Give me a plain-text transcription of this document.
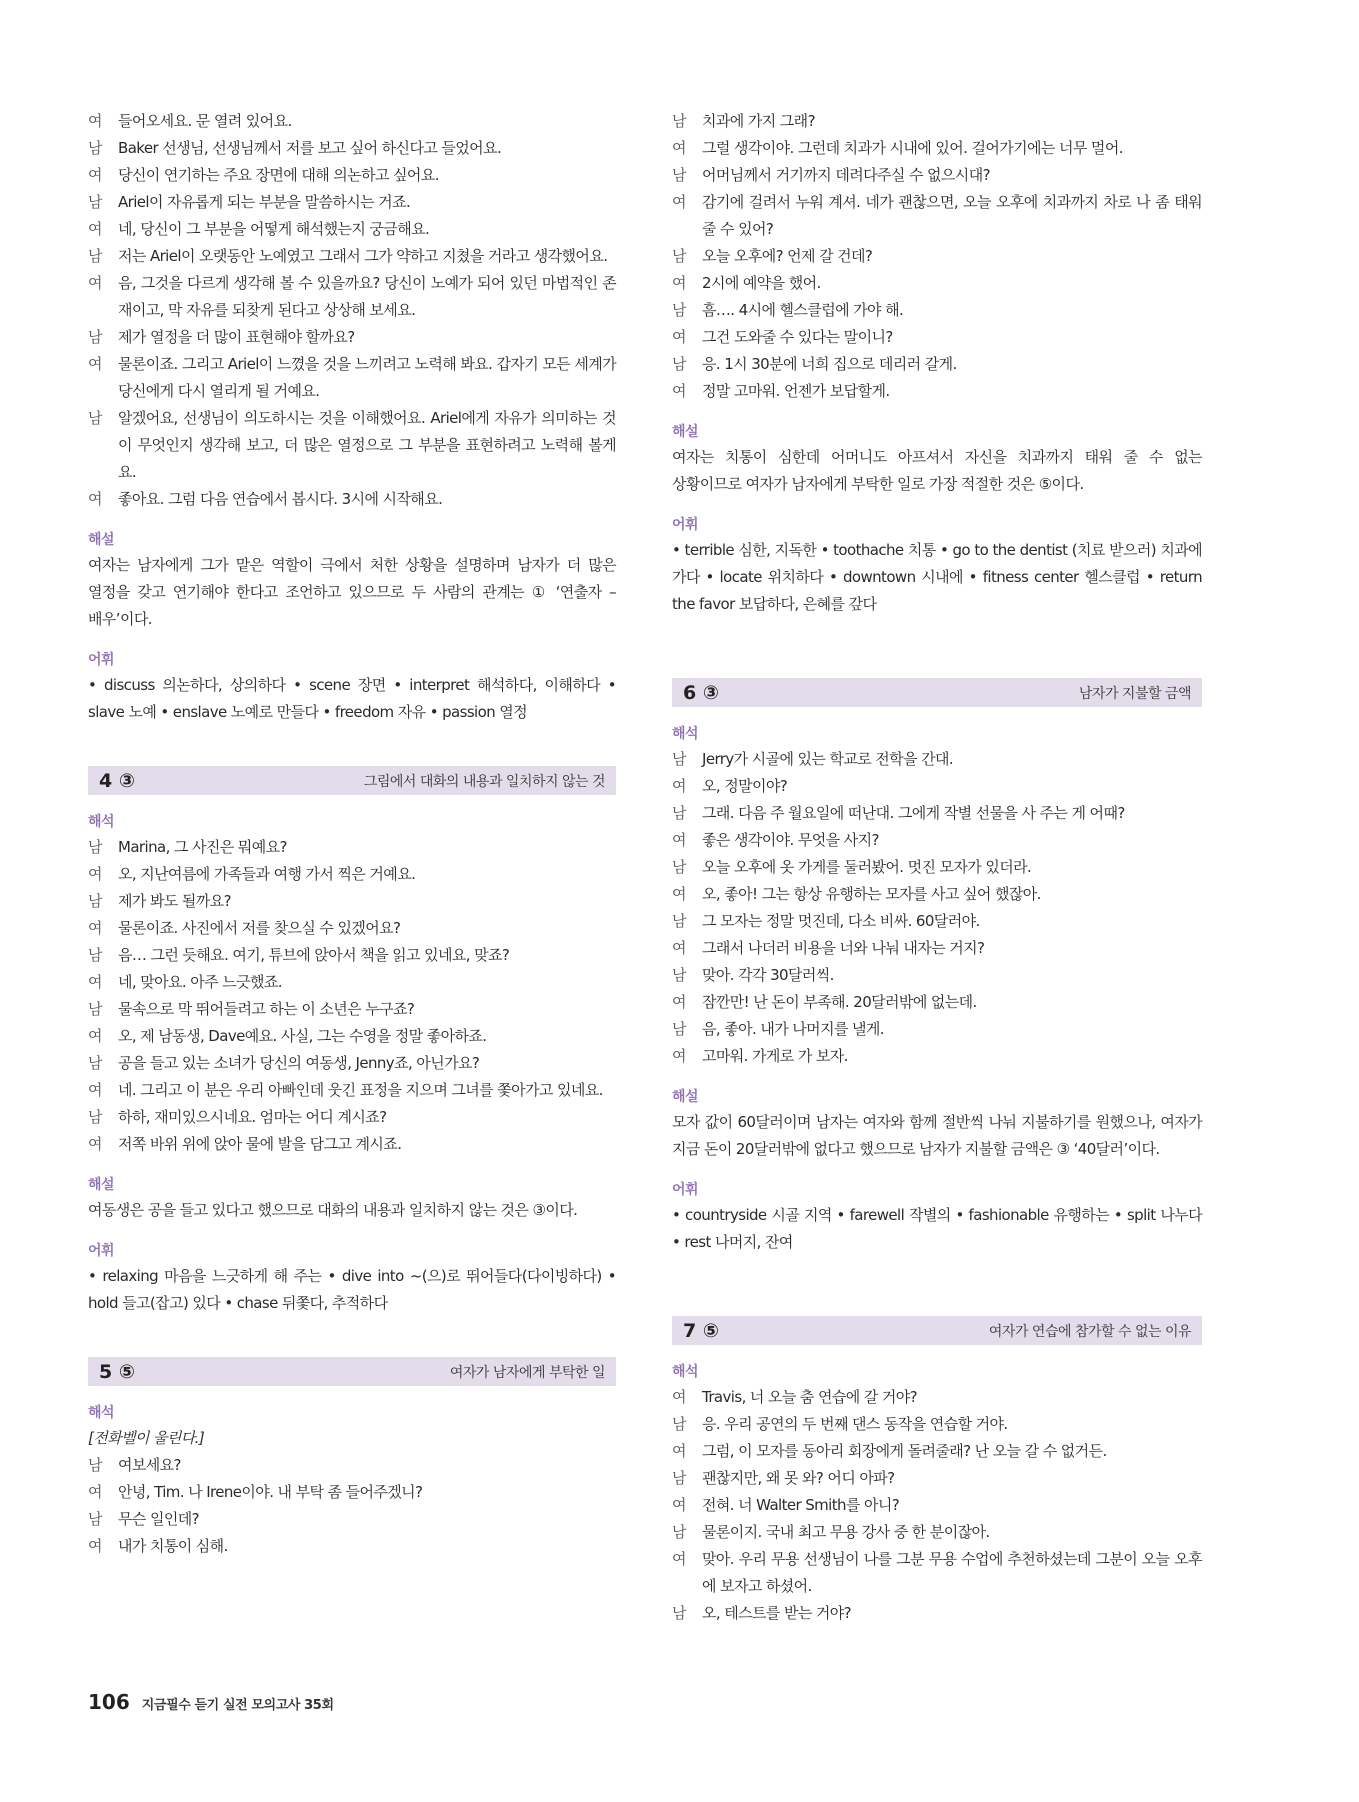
여 들어오세요. 문 열려 있어요.
남 Baker 선생님, 선생님께서 저를 보고 싶어 하신다고 들었어요.
여 당신이 연기하는 주요 장면에 대해 의논하고 싶어요.
남 Ariel이 자유롭게 되는 부분을 말씀하시는 거죠.
여 네, 당신이 그 부분을 어떻게 해석했는지 궁금해요.
남 저는 Ariel이 오랫동안 노예였고 그래서 그가 약하고 지쳤을 거라고 생각했어요.
여 음, 그것을 다르게 생각해 볼 수 있을까요? 당신이 노예가 되어 있던 마법적인 존재이고, 막 자유를 되찾게 된다고 상상해 보세요.
남 제가 열정을 더 많이 표현해야 할까요?
여 물론이죠. 그리고 Ariel이 느꼈을 것을 느끼려고 노력해 봐요. 갑자기 모든 세계가 당신에게 다시 열리게 될 거예요.
남 알겠어요, 선생님이 의도하시는 것을 이해했어요. Ariel에게 자유가 의미하는 것이 무엇인지 생각해 보고, 더 많은 열정으로 그 부분을 표현하려고 노력해 볼게요.
여 좋아요. 그럼 다음 연습에서 봅시다. 3시에 시작해요.
해설
여자는 남자에게 그가 맡은 역할이 극에서 처한 상황을 설명하며 남자가 더 많은 열정을 갖고 연기해야 한다고 조언하고 있으므로 두 사람의 관계는 ① ‘연출자 – 배우’이다.
어휘
• discuss 의논하다, 상의하다 • scene 장면 • interpret 해석하다, 이해하다 • slave 노예 • enslave 노예로 만들다 • freedom 자유 • passion 열정
4 ③	그림에서 대화의 내용과 일치하지 않는 것
해석
남 Marina, 그 사진은 뭐예요?
여 오, 지난여름에 가족들과 여행 가서 찍은 거예요.
남 제가 봐도 될까요?
여 물론이죠. 사진에서 저를 찾으실 수 있겠어요?
남 음… 그런 듯해요. 여기, 튜브에 앉아서 책을 읽고 있네요, 맞죠?
여 네, 맞아요. 아주 느긋했죠.
남 물속으로 막 뛰어들려고 하는 이 소년은 누구죠?
여 오, 제 남동생, Dave예요. 사실, 그는 수영을 정말 좋아하죠.
남 공을 들고 있는 소녀가 당신의 여동생, Jenny죠, 아닌가요?
여 네. 그리고 이 분은 우리 아빠인데 웃긴 표정을 지으며 그녀를 쫓아가고 있네요.
남 하하, 재미있으시네요. 엄마는 어디 계시죠?
여 저쪽 바위 위에 앉아 물에 발을 담그고 계시죠.
해설
여동생은 공을 들고 있다고 했으므로 대화의 내용과 일치하지 않는 것은 ③이다.
어휘
• relaxing 마음을 느긋하게 해 주는 • dive into ~(으)로 뛰어들다(다이빙하다) • hold 들고(잡고) 있다 • chase 뒤쫓다, 추적하다
5 ⑤	여자가 남자에게 부탁한 일
해석
[전화벨이 울린다.]
남 여보세요?
여 안녕, Tim. 나 Irene이야. 내 부탁 좀 들어주겠니?
남 무슨 일인데?
여 내가 치통이 심해.
남 치과에 가지 그래?
여 그럴 생각이야. 그런데 치과가 시내에 있어. 걸어가기에는 너무 멀어.
남 어머님께서 거기까지 데려다주실 수 없으시대?
여 감기에 걸려서 누워 계셔. 네가 괜찮으면, 오늘 오후에 치과까지 차로 나 좀 태워 줄 수 있어?
남 오늘 오후에? 언제 갈 건데?
여 2시에 예약을 했어.
남 흠…. 4시에 헬스클럽에 가야 해.
여 그건 도와줄 수 있다는 말이니?
남 응. 1시 30분에 너희 집으로 데리러 갈게.
여 정말 고마워. 언젠가 보답할게.
해설
여자는 치통이 심한데 어머니도 아프셔서 자신을 치과까지 태워 줄 수 없는 상황이므로 여자가 남자에게 부탁한 일로 가장 적절한 것은 ⑤이다.
어휘
• terrible 심한, 지독한 • toothache 치통 • go to the dentist (치료 받으러) 치과에 가다 • locate 위치하다 • downtown 시내에 • fitness center 헬스클럽 • return the favor 보답하다, 은혜를 갚다
6 ③	남자가 지불할 금액
해석
남 Jerry가 시골에 있는 학교로 전학을 간대.
여 오, 정말이야?
남 그래. 다음 주 월요일에 떠난대. 그에게 작별 선물을 사 주는 게 어때?
여 좋은 생각이야. 무엇을 사지?
남 오늘 오후에 옷 가게를 둘러봤어. 멋진 모자가 있더라.
여 오, 좋아! 그는 항상 유행하는 모자를 사고 싶어 했잖아.
남 그 모자는 정말 멋진데, 다소 비싸. 60달러야.
여 그래서 나더러 비용을 너와 나눠 내자는 거지?
남 맞아. 각각 30달러씩.
여 잠깐만! 난 돈이 부족해. 20달러밖에 없는데.
남 음, 좋아. 내가 나머지를 낼게.
여 고마워. 가게로 가 보자.
해설
모자 값이 60달러이며 남자는 여자와 함께 절반씩 나눠 지불하기를 원했으나, 여자가 지금 돈이 20달러밖에 없다고 했으므로 남자가 지불할 금액은 ③ ‘40달러’이다.
어휘
• countryside 시골 지역 • farewell 작별의 • fashionable 유행하는 • split 나누다 • rest 나머지, 잔여
7 ⑤	여자가 연습에 참가할 수 없는 이유
해석
여 Travis, 너 오늘 춤 연습에 갈 거야?
남 응. 우리 공연의 두 번째 댄스 동작을 연습할 거야.
여 그럼, 이 모자를 동아리 회장에게 돌려줄래? 난 오늘 갈 수 없거든.
남 괜찮지만, 왜 못 와? 어디 아파?
여 전혀. 너 Walter Smith를 아니?
남 물론이지. 국내 최고 무용 강사 중 한 분이잖아.
여 맞아. 우리 무용 선생님이 나를 그분 무용 수업에 추천하셨는데 그분이 오늘 오후에 보자고 하셨어.
남 오, 테스트를 받는 거야?
106 지금필수 듣기 실전 모의고사 35회
